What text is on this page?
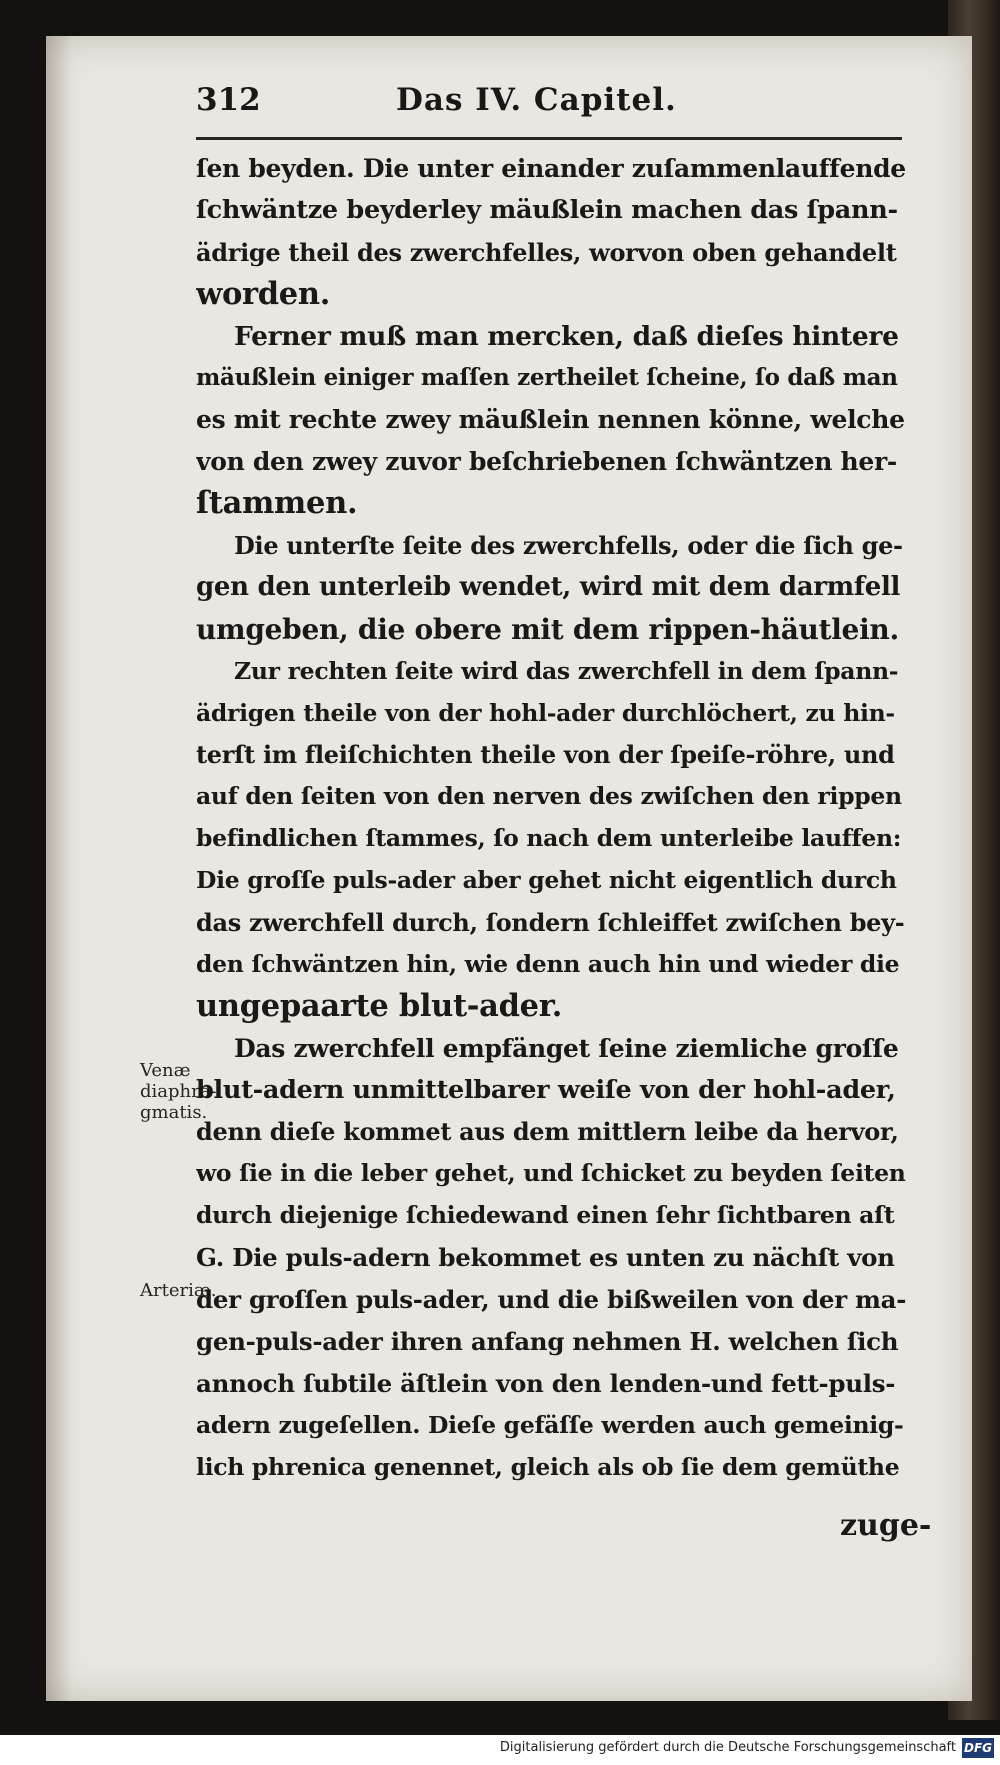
312	Das IV. Capitel.
Venæ diaphra-gmatis.
Arteriæ.
ſen beyden. Die unter einander zuſammenlauffende
ſchwäntze beyderley mäußlein machen das ſpann-
ädrige theil des zwerchfelles, worvon oben gehandelt
worden.
Ferner muß man mercken, daß dieſes hintere
mäußlein einiger maſſen zertheilet ſcheine, ſo daß man
es mit rechte zwey mäußlein nennen könne, welche
von den zwey zuvor beſchriebenen ſchwäntzen her-
ſtammen.
Die unterſte ſeite des zwerchfells, oder die ſich ge-
gen den unterleib wendet, wird mit dem darmfell
umgeben, die obere mit dem rippen-häutlein.
Zur rechten ſeite wird das zwerchfell in dem ſpann-
ädrigen theile von der hohl-ader durchlöchert, zu hin-
terſt im fleiſchichten theile von der ſpeiſe-röhre, und
auf den ſeiten von den nerven des zwiſchen den rippen
befindlichen ſtammes, ſo nach dem unterleibe lauffen:
Die groſſe puls-ader aber gehet nicht eigentlich durch
das zwerchfell durch, ſondern ſchleiffet zwiſchen bey-
den ſchwäntzen hin, wie denn auch hin und wieder die
ungepaarte blut-ader.
Das zwerchfell empfänget ſeine ziemliche groſſe
blut-adern unmittelbarer weiſe von der hohl-ader,
denn dieſe kommet aus dem mittlern leibe da hervor,
wo ſie in die leber gehet, und ſchicket zu beyden ſeiten
durch diejenige ſchiedewand einen ſehr ſichtbaren aſt
G. Die puls-adern bekommet es unten zu nächſt von
der groſſen puls-ader, und die bißweilen von der ma-
gen-puls-ader ihren anfang nehmen H. welchen ſich
annoch ſubtile äſtlein von den lenden-und fett-puls-
adern zugeſellen. Dieſe gefäſſe werden auch gemeinig-
lich phrenica genennet, gleich als ob ſie dem gemüthe
zuge-
Digitalisierung gefördert durch die Deutsche Forschungsgemeinschaft DFG
